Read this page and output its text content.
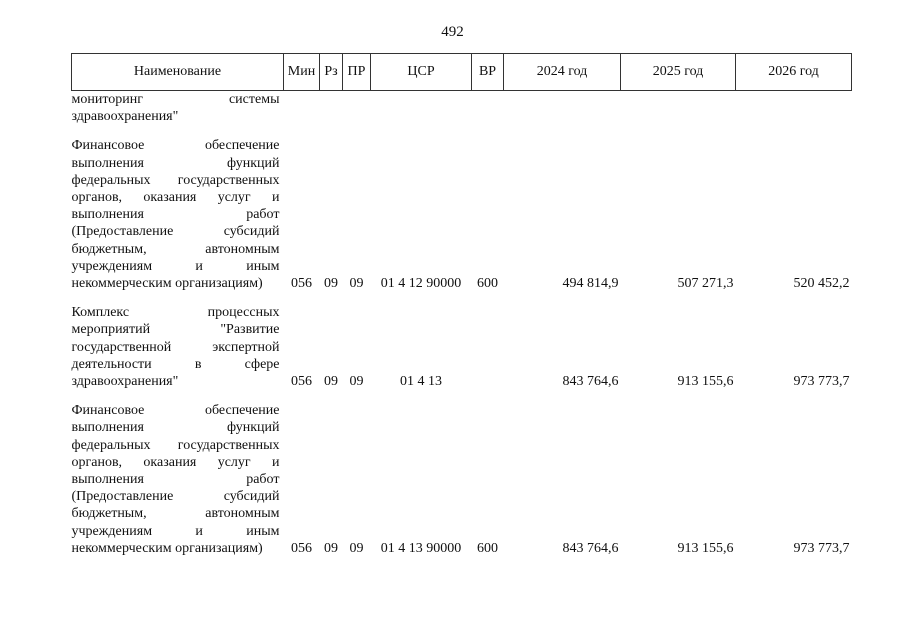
492
Наименование	Мин	Рз	ПР	ЦСР	ВР	2024 год	2025 год	2026 год
мониторинг системы здравоохранения"								
Финансовое обеспечение выполнения функций федеральных государственных органов, оказания услуг и выполнения работ (Предоставление субсидий бюджетным, автономным учреждениям и иным некоммерческим организациям)	056	09	09	01 4 12 90000	600	494 814,9	507 271,3	520 452,2
Комплекс процессных мероприятий "Развитие государственной экспертной деятельности в сфере здравоохранения"	056	09	09	01 4 13		843 764,6	913 155,6	973 773,7
Финансовое обеспечение выполнения функций федеральных государственных органов, оказания услуг и выполнения работ (Предоставление субсидий бюджетным, автономным учреждениям и иным некоммерческим организациям)	056	09	09	01 4 13 90000	600	843 764,6	913 155,6	973 773,7
